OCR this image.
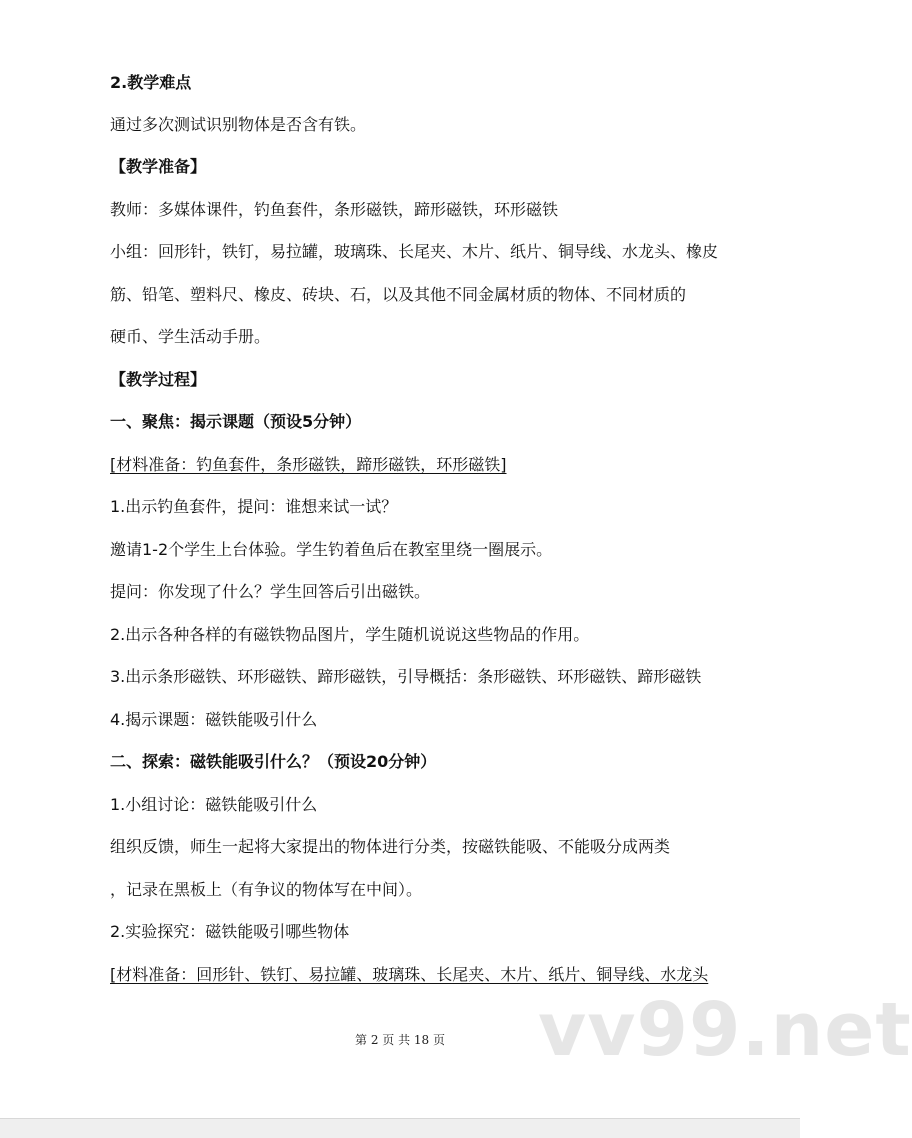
2.教学难点
通过多次测试识别物体是否含有铁。
【教学准备】
教师：多媒体课件，钓鱼套件，条形磁铁，蹄形磁铁，环形磁铁
小组：回形针，铁钉，易拉罐，玻璃珠、长尾夹、木片、纸片、铜导线、水龙头、橡皮
筋、铅笔、塑料尺、橡皮、砖块、石，以及其他不同金属材质的物体、不同材质的
硬币、学生活动手册。
【教学过程】
一、聚焦：揭示课题（预设5分钟）
[材料准备：钓鱼套件，条形磁铁，蹄形磁铁，环形磁铁]
1.出示钓鱼套件，提问：谁想来试一试？
邀请1-2个学生上台体验。学生钓着鱼后在教室里绕一圈展示。
提问：你发现了什么？学生回答后引出磁铁。
2.出示各种各样的有磁铁物品图片，学生随机说说这些物品的作用。
3.出示条形磁铁、环形磁铁、蹄形磁铁，引导概括：条形磁铁、环形磁铁、蹄形磁铁
4.揭示课题：磁铁能吸引什么
二、探索：磁铁能吸引什么？（预设20分钟）
1.小组讨论：磁铁能吸引什么
组织反馈，师生一起将大家提出的物体进行分类，按磁铁能吸、不能吸分成两类
，记录在黑板上（有争议的物体写在中间）。
2.实验探究：磁铁能吸引哪些物体
[材料准备：回形针、铁钉、易拉罐、玻璃珠、长尾夹、木片、纸片、铜导线、水龙头
vv99.net
第 2 页 共 18 页
